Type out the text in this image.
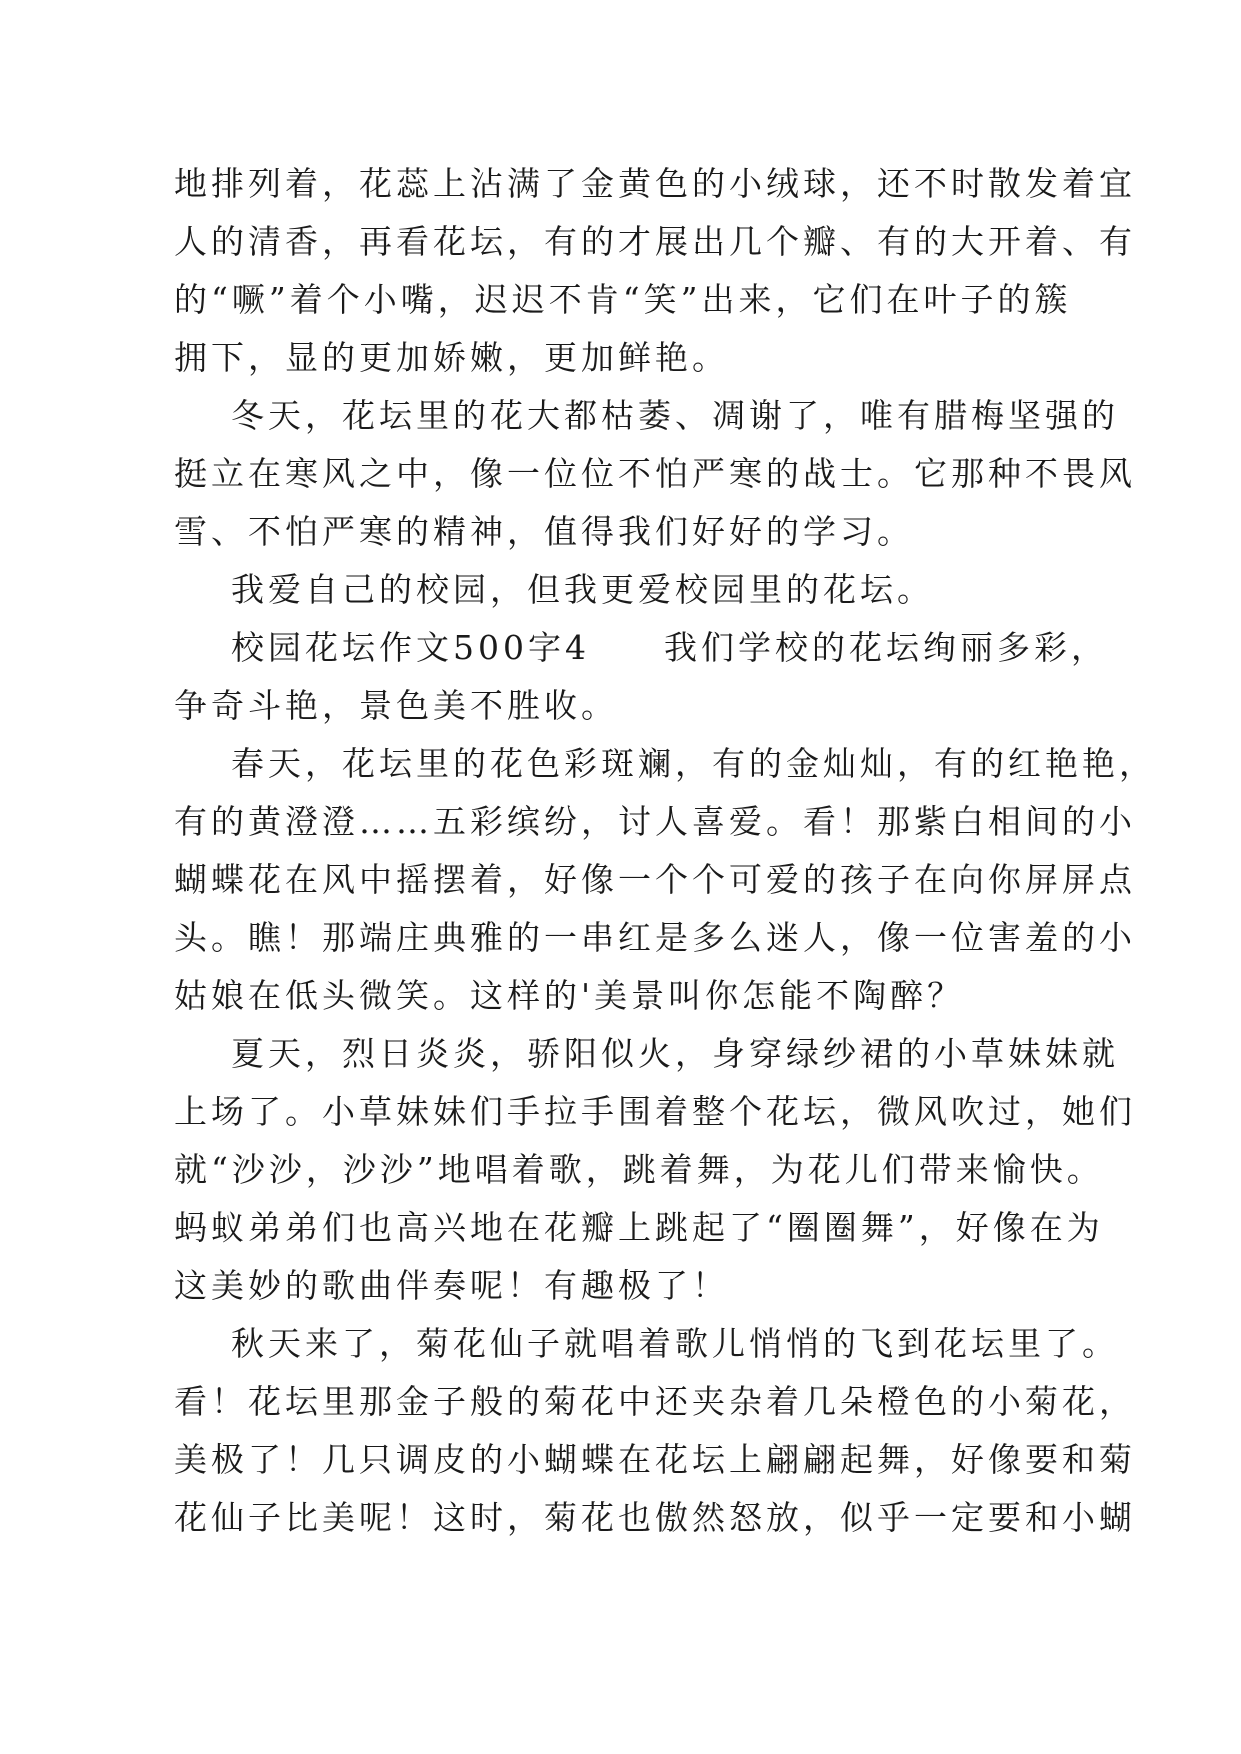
地排列着，花蕊上沾满了金黄色的小绒球，还不时散发着宜
人的清香，再看花坛，有的才展出几个瓣、有的大开着、有
的“噘”着个小嘴，迟迟不肯“笑”出来，它们在叶子的簇
拥下，显的更加娇嫩，更加鲜艳。
冬天，花坛里的花大都枯萎、凋谢了，唯有腊梅坚强的
挺立在寒风之中，像一位位不怕严寒的战士。它那种不畏风
雪、不怕严寒的精神，值得我们好好的学习。
我爱自己的校园，但我更爱校园里的花坛。
校园花坛作文500字4　　我们学校的花坛绚丽多彩，
争奇斗艳，景色美不胜收。
春天，花坛里的花色彩斑斓，有的金灿灿，有的红艳艳，
有的黄澄澄……五彩缤纷，讨人喜爱。看！那紫白相间的小
蝴蝶花在风中摇摆着，好像一个个可爱的孩子在向你屏屏点
头。瞧！那端庄典雅的一串红是多么迷人，像一位害羞的小
姑娘在低头微笑。这样的'美景叫你怎能不陶醉？
夏天，烈日炎炎，骄阳似火，身穿绿纱裙的小草妹妹就
上场了。小草妹妹们手拉手围着整个花坛，微风吹过，她们
就“沙沙，沙沙”地唱着歌，跳着舞，为花儿们带来愉快。
蚂蚁弟弟们也高兴地在花瓣上跳起了“圈圈舞”，好像在为
这美妙的歌曲伴奏呢！有趣极了！
秋天来了，菊花仙子就唱着歌儿悄悄的飞到花坛里了。
看！花坛里那金子般的菊花中还夹杂着几朵橙色的小菊花，
美极了！几只调皮的小蝴蝶在花坛上翩翩起舞，好像要和菊
花仙子比美呢！这时，菊花也傲然怒放，似乎一定要和小蝴
